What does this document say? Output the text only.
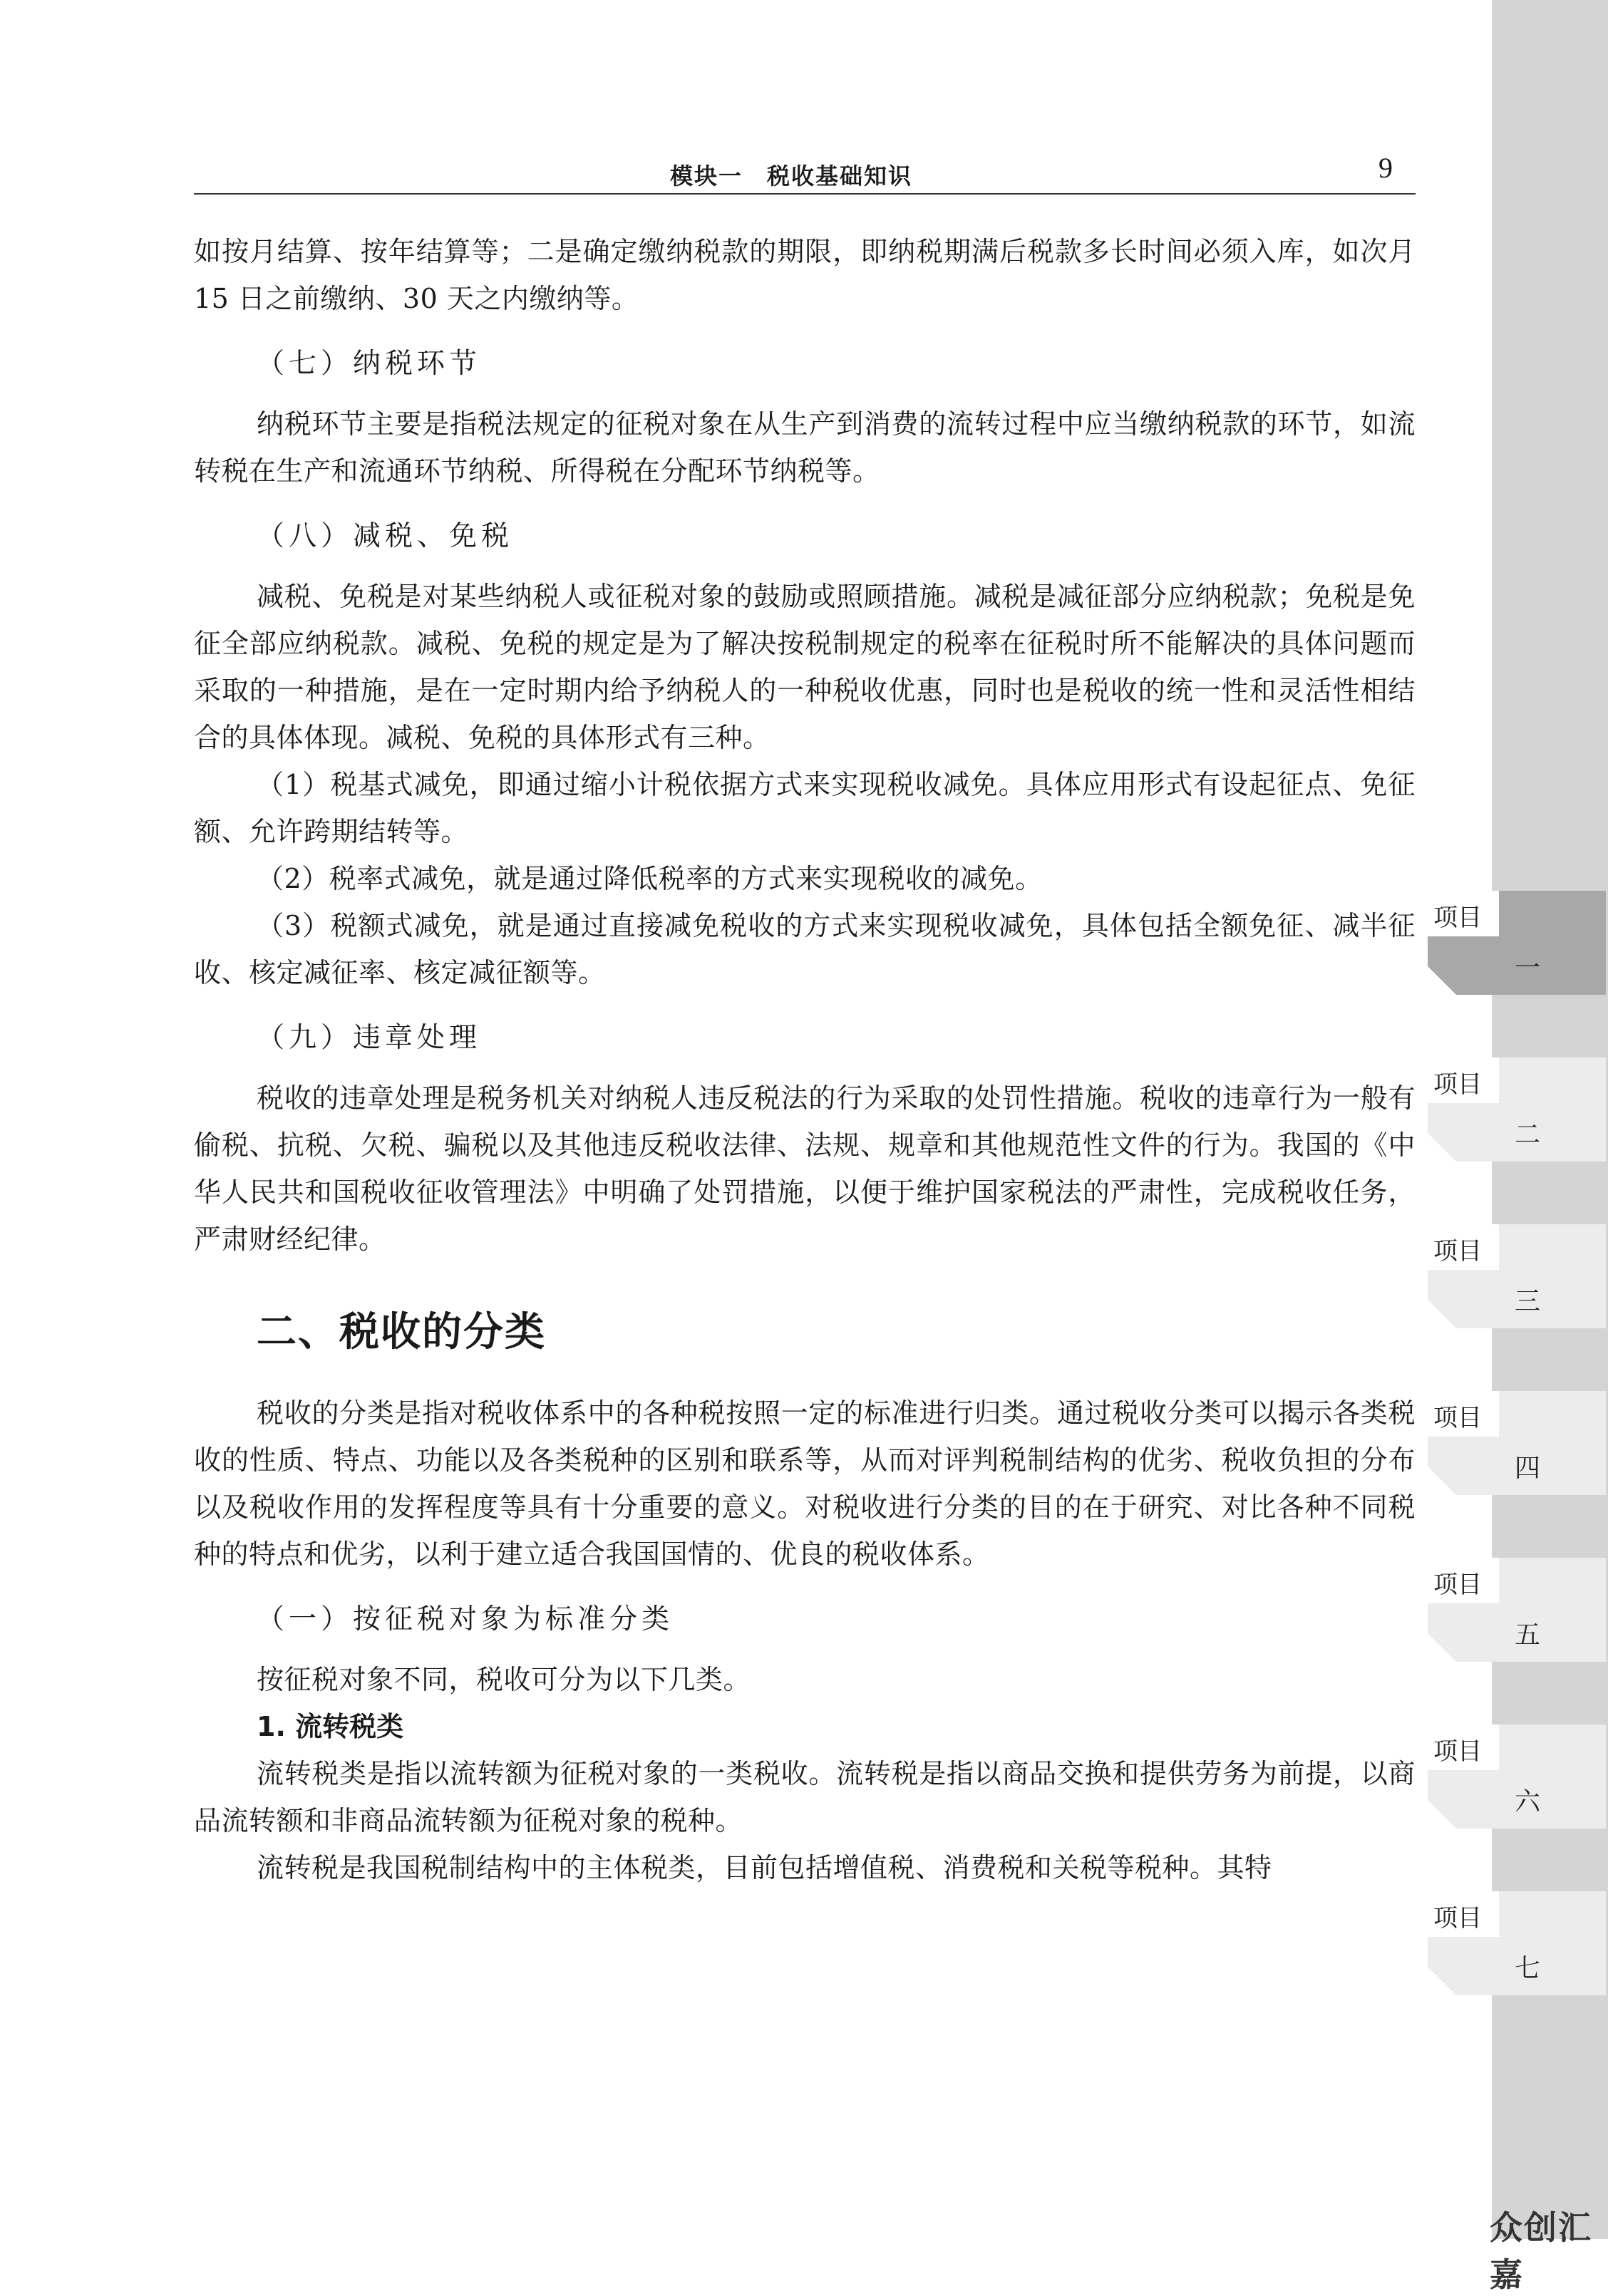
模块一　税收基础知识	9

如按月结算、按年结算等；二是确定缴纳税款的期限，即纳税期满后税款多长时间必须入库，如次月 15 日之前缴纳、30 天之内缴纳等。

（七）纳税环节

纳税环节主要是指税法规定的征税对象在从生产到消费的流转过程中应当缴纳税款的环节，如流转税在生产和流通环节纳税、所得税在分配环节纳税等。

（八）减税、免税

减税、免税是对某些纳税人或征税对象的鼓励或照顾措施。减税是减征部分应纳税款；免税是免征全部应纳税款。减税、免税的规定是为了解决按税制规定的税率在征税时所不能解决的具体问题而采取的一种措施，是在一定时期内给予纳税人的一种税收优惠，同时也是税收的统一性和灵活性相结合的具体体现。减税、免税的具体形式有三种。

（1）税基式减免，即通过缩小计税依据方式来实现税收减免。具体应用形式有设起征点、免征额、允许跨期结转等。

（2）税率式减免，就是通过降低税率的方式来实现税收的减免。

（3）税额式减免，就是通过直接减免税收的方式来实现税收减免，具体包括全额免征、减半征收、核定减征率、核定减征额等。

（九）违章处理

税收的违章处理是税务机关对纳税人违反税法的行为采取的处罚性措施。税收的违章行为一般有偷税、抗税、欠税、骗税以及其他违反税收法律、法规、规章和其他规范性文件的行为。我国的《中华人民共和国税收征收管理法》中明确了处罚措施，以便于维护国家税法的严肃性，完成税收任务，严肃财经纪律。

二、税收的分类

税收的分类是指对税收体系中的各种税按照一定的标准进行归类。通过税收分类可以揭示各类税收的性质、特点、功能以及各类税种的区别和联系等，从而对评判税制结构的优劣、税收负担的分布以及税收作用的发挥程度等具有十分重要的意义。对税收进行分类的目的在于研究、对比各种不同税种的特点和优劣，以利于建立适合我国国情的、优良的税收体系。

（一）按征税对象为标准分类

按征税对象不同，税收可分为以下几类。

1. 流转税类

流转税类是指以流转额为征税对象的一类税收。流转税是指以商品交换和提供劳务为前提，以商品流转额和非商品流转额为征税对象的税种。

流转税是我国税制结构中的主体税类，目前包括增值税、消费税和关税等税种。其特

项目
一
项目
二
项目
三
项目
四
项目
五
项目
六
项目
七
众创汇嘉
